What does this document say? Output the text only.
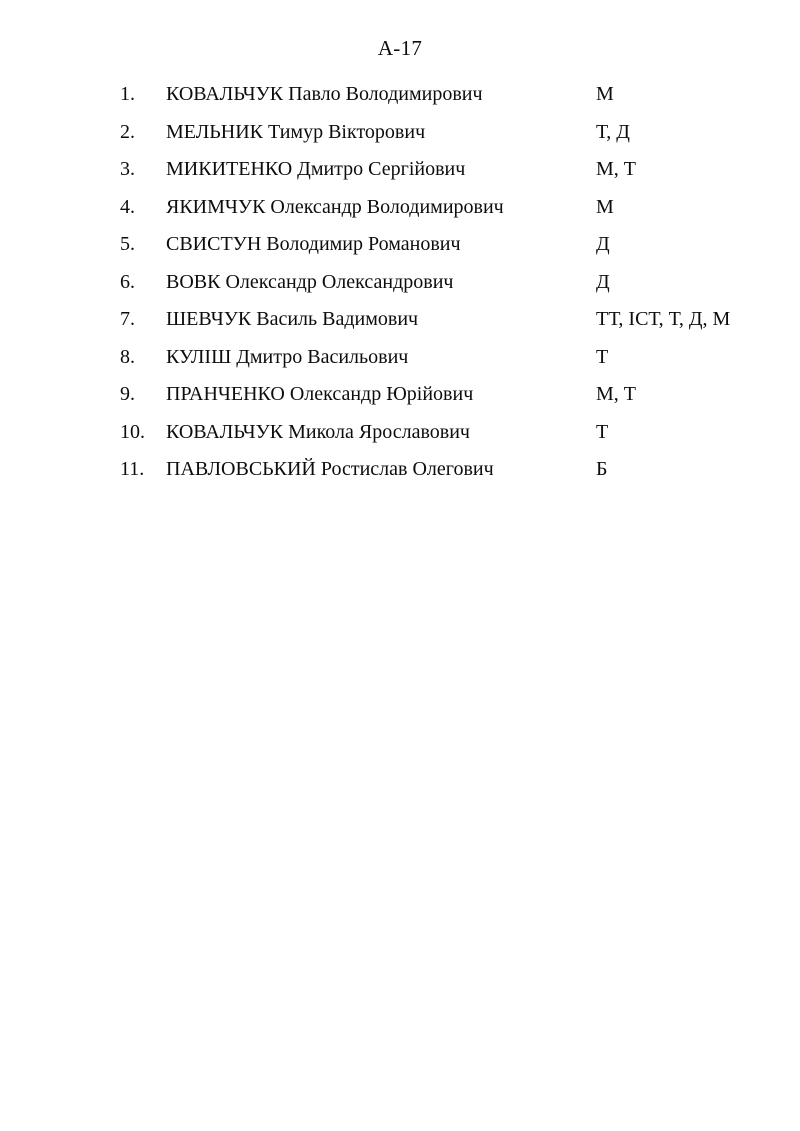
A-17
1.	КОВАЛЬЧУК Павло Володимирович	М
2.	МЕЛЬНИК Тимур Вікторович	Т, Д
3.	МИКИТЕНКО Дмитро Сергійович	М, Т
4.	ЯКИМЧУК Олександр Володимирович	М
5.	СВИСТУН Володимир Романович	Д
6.	ВОВК Олександр Олександрович	Д
7.	ШЕВЧУК Василь Вадимович	ТТ, ІСТ, Т, Д, М
8.	КУЛІШ Дмитро Васильович	Т
9.	ПРАНЧЕНКО Олександр Юрійович	М, Т
10.	КОВАЛЬЧУК Микола Ярославович	Т
11.	ПАВЛОВСЬКИЙ Ростислав Олегович	Б
